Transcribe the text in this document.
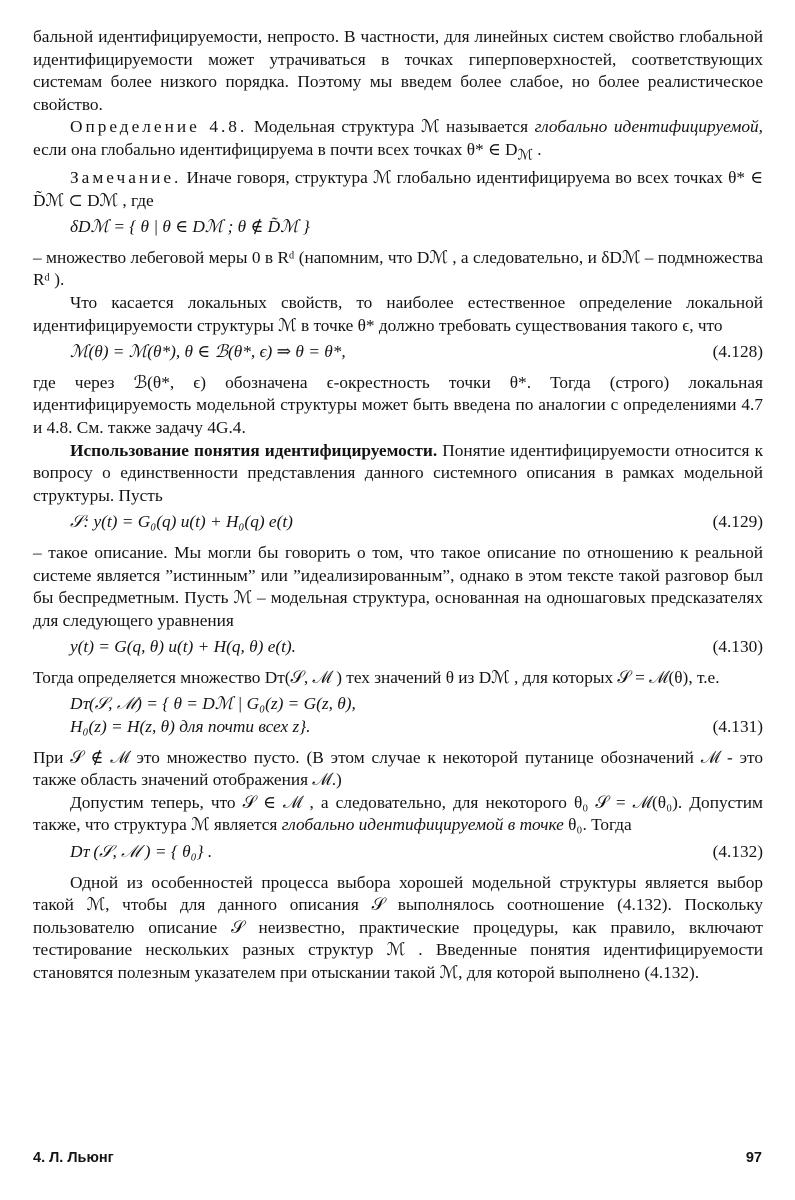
бальной идентифицируемости, непросто. В частности, для линейных систем свойство глобальной идентифицируемости может утрачиваться в точках гиперповерхностей, соответствующих системам более низкого порядка. Поэтому мы введем более слабое, но более реалистическое свойство.

Определение 4.8. Модельная структура ℳ называется глобально идентифицируемой, если она глобально идентифицируема в почти всех точках θ* ∈ $D_ℳ$ .

Замечание. Иначе говоря, структура ℳ глобально идентифицируема во всех точках θ* ∈ D̃ℳ ⊂ Dℳ , где

δDℳ = { θ | θ ∈ Dℳ ; θ ∉ D̃ℳ }

– множество лебеговой меры 0 в Rᵈ (напомним, что Dℳ , а следовательно, и δDℳ – подмножества Rᵈ ).

Что касается локальных свойств, то наиболее естественное определение локальной идентифицируемости структуры ℳ в точке θ* должно требовать существования такого ϵ, что

ℳ(θ) = ℳ(θ*), θ ∈ ℬ(θ*, ϵ) ⇒ θ = θ*,	(4.128)

где через ℬ(θ*, ϵ) обозначена ϵ-окрестность точки θ*. Тогда (строго) локальная идентифицируемость модельной структуры может быть введена по аналогии с определениями 4.7 и 4.8. См. также задачу 4G.4.

Использование понятия идентифицируемости. Понятие идентифицируемости относится к вопросу о единственности представления данного системного описания в рамках модельной структуры. Пусть

𝒮: y(t) = G₀(q) u(t) + H₀(q) e(t)	(4.129)

– такое описание. Мы могли бы говорить о том, что такое описание по отношению к реальной системе является ”истинным” или ”идеализированным”, однако в этом тексте такой разговор был бы беспредметным. Пусть ℳ – модельная структура, основанная на одношаговых предсказателях для следующего уравнения

y(t) = G(q, θ) u(t) + H(q, θ) e(t).	(4.130)

Тогда определяется множество Dᴛ(𝒮, ℳ ) тех значений θ из Dℳ , для которых 𝒮 = ℳ(θ), т.е.

Dᴛ(𝒮, ℳ) = { θ = Dℳ | G₀(z) = G(z, θ),
H₀(z) = H(z, θ) для почти всех z}.	(4.131)

При 𝒮 ∉ ℳ это множество пусто. (В этом случае к некоторой путанице обозначений ℳ - это также область значений отображения ℳ.)

Допустим теперь, что 𝒮 ∈ ℳ , а следовательно, для некоторого θ₀ 𝒮 = ℳ(θ₀). Допустим также, что структура ℳ является глобально идентифицируемой в точке θ₀. Тогда

Dᴛ (𝒮, ℳ ) = { θ₀} .	(4.132)

Одной из особенностей процесса выбора хорошей модельной структуры является выбор такой ℳ, чтобы для данного описания 𝒮 выполнялось соотношение (4.132). Поскольку пользователю описание 𝒮 неизвестно, практические процедуры, как правило, включают тестирование нескольких разных структур ℳ . Введенные понятия идентифицируемости становятся полезным указателем при отыскании такой ℳ, для которой выполнено (4.132).

4. Л. Льюнг	97
